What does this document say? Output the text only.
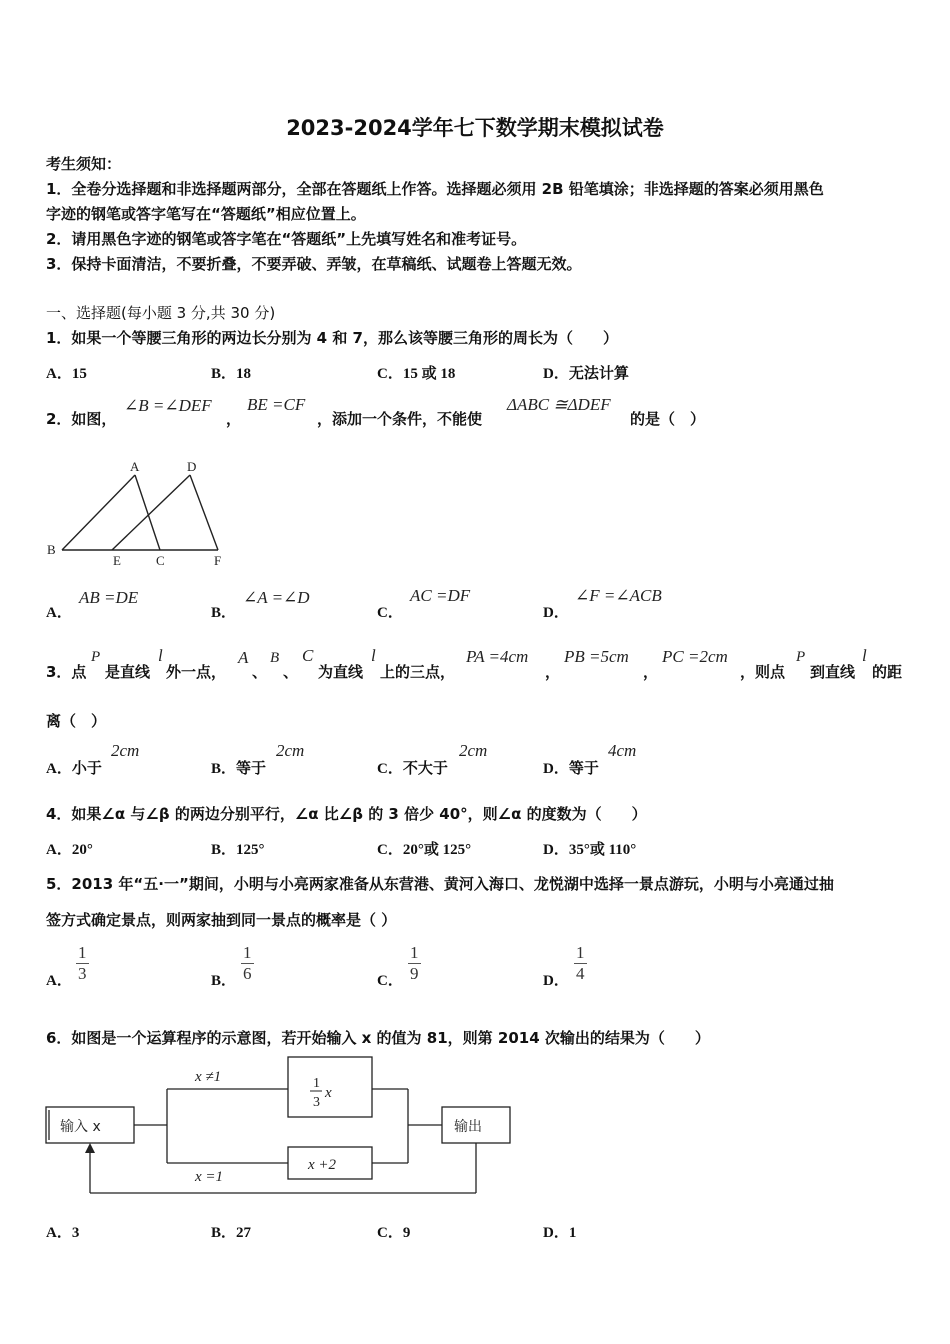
2023-2024学年七下数学期末模拟试卷
考生须知：
1．全卷分选择题和非选择题两部分，全部在答题纸上作答。选择题必须用 2B 铅笔填涂；非选择题的答案必须用黑色
字迹的钢笔或答字笔写在“答题纸”相应位置上。
2．请用黑色字迹的钢笔或答字笔在“答题纸”上先填写姓名和准考证号。
3．保持卡面清洁，不要折叠，不要弄破、弄皱，在草稿纸、试题卷上答题无效。
一、选择题(每小题 3 分,共 30 分)
1．如果一个等腰三角形的两边长分别为 4 和 7，那么该等腰三角形的周长为（　　）
A．15	B．18	C．15 或 18	D．无法计算
2．如图，
∠B =∠DEF
，
BE =CF
，添加一个条件，不能使
ΔABC ≅ΔDEF
的是（　）
A	D
B
E	C	F
A．
AB =DE
B．
∠A =∠D
C．
AC =DF
D．
∠F =∠ACB
3．点
P
是直线
l
外一点，
A
、
B
、
C
为直线
l
上的三点，
PA =4cm
，
PB =5cm
，
PC =2cm
，则点
P
到直线
l
的距
离（　）
A．小于
2cm
B．等于
2cm
C．不大于
2cm
D．等于
4cm
4．如果∠α 与∠β 的两边分别平行，∠α 比∠β 的 3 倍少 40°，则∠α 的度数为（　　）
A．20°	B．125°	C．20°或 125°	D．35°或 110°
5．2013 年“五·一”期间，小明与小亮两家准备从东营港、黄河入海口、龙悦湖中选择一景点游玩，小明与小亮通过抽
签方式确定景点，则两家抽到同一景点的概率是（ ）
A． $\frac{1}{3}$	B． $\frac{1}{6}$	C． $\frac{1}{9}$	D． $\frac{1}{4}$
6．如图是一个运算程序的示意图，若开始输入 x 的值为 81，则第 2014 次输出的结果为（　　）
输入 x	输出
x ≠1
x =1
1
3
x
x +2
A．3	B．27	C．9	D．1
